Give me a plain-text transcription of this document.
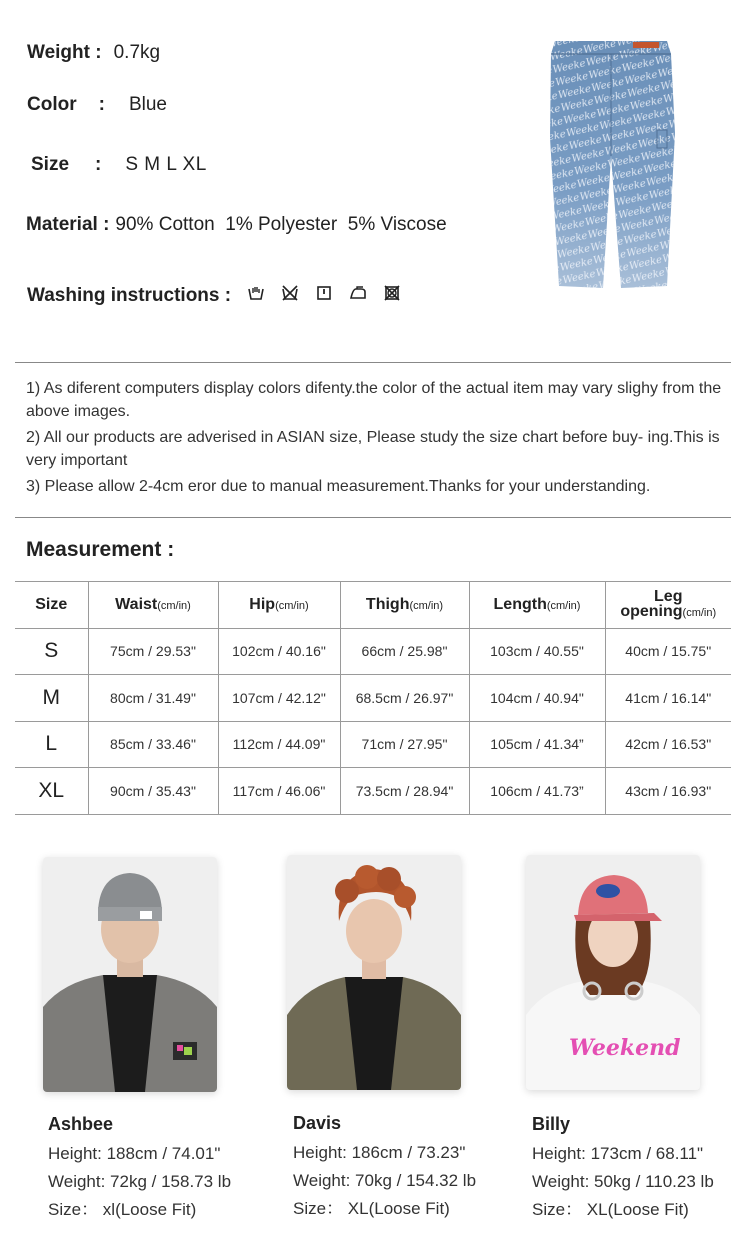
Weight : 0.7kg
Color : Blue
Size : S M L XL
Material : 90% Cotton  1% Polyester  5% Viscose
Washing instructions :

1) As diferent computers display colors difenty.the color of the actual item may vary slighy from the above images.

2) All our products are adverised in ASIAN size, Please study the size chart before buy- ing.This is very important

3) Please allow 2-4cm eror due to manual measurement.Thanks for your understanding.

Measurement :
Size	Waist(cm/in)	Hip(cm/in)	Thigh(cm/in)	Length(cm/in)	Leg
opening(cm/in)
S	75cm / 29.53"	102cm / 40.16"	66cm / 25.98"	103cm / 40.55"	40cm / 15.75"
M	80cm / 31.49"	107cm / 42.12"	68.5cm / 26.97"	104cm / 40.94"	41cm / 16.14"
L	85cm / 33.46"	112cm / 44.09"	71cm / 27.95"	105cm / 41.34”	42cm / 16.53"
XL	90cm / 35.43"	117cm / 46.06"	73.5cm / 28.94"	106cm / 41.73”	43cm / 16.93"
Weekend
Ashbee
Height: 188cm / 74.01"
Weight: 72kg / 158.73 lb
Size： xl(Loose Fit)
Davis
Height: 186cm / 73.23"
Weight: 70kg / 154.32 lb
Size： XL(Loose Fit)
Billy
Height: 173cm / 68.11"
Weight: 50kg / 110.23 lb
Size： XL(Loose Fit)
